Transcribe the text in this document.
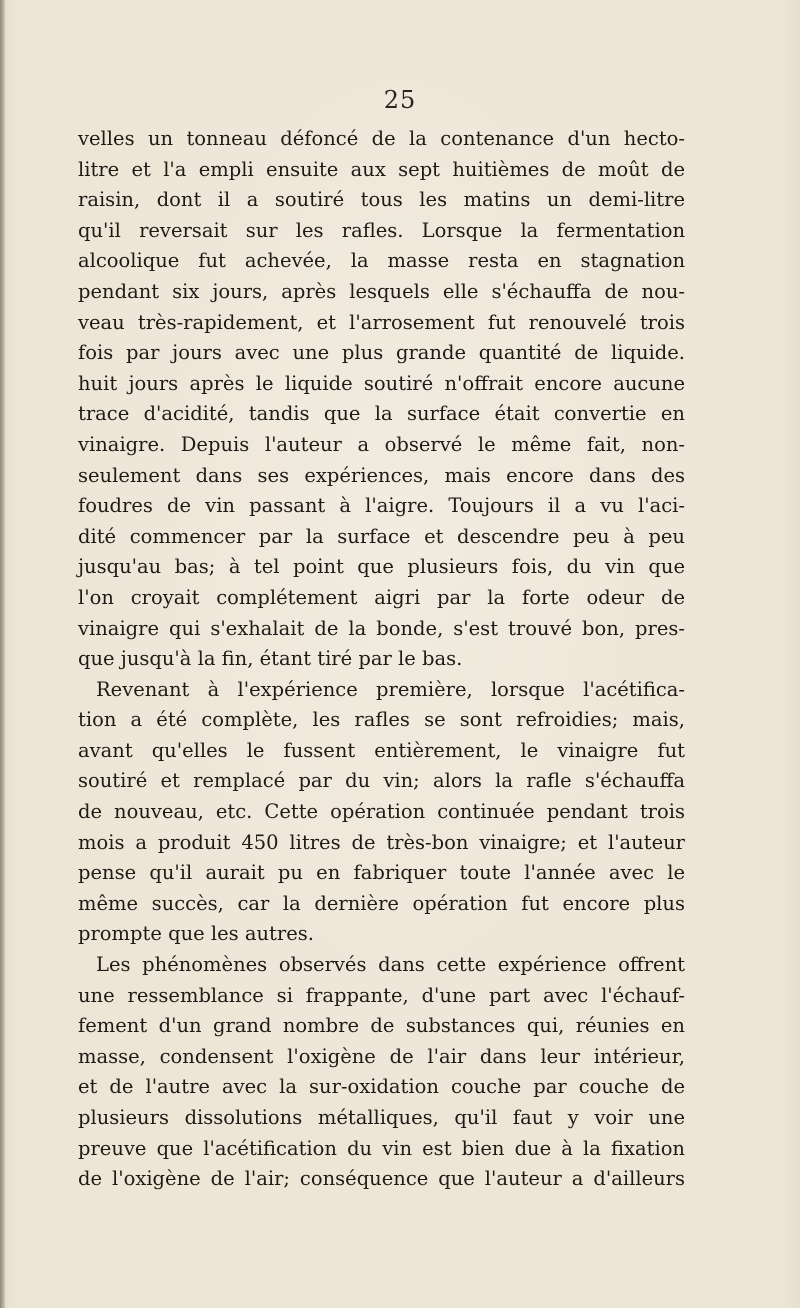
25
velles un tonneau défoncé de la contenance d'un hecto-
litre et l'a empli ensuite aux sept huitièmes de moût de
raisin, dont il a soutiré tous les matins un demi-litre
qu'il reversait sur les rafles. Lorsque la fermentation
alcoolique fut achevée, la masse resta en stagnation
pendant six jours, après lesquels elle s'échauffa de nou-
veau très-rapidement, et l'arrosement fut renouvelé trois
fois par jours avec une plus grande quantité de liquide.
huit jours après le liquide soutiré n'offrait encore aucune
trace d'acidité, tandis que la surface était convertie en
vinaigre. Depuis l'auteur a observé le même fait, non-
seulement dans ses expériences, mais encore dans des
foudres de vin passant à l'aigre. Toujours il a vu l'aci-
dité commencer par la surface et descendre peu à peu
jusqu'au bas; à tel point que plusieurs fois, du vin que
l'on croyait complétement aigri par la forte odeur de
vinaigre qui s'exhalait de la bonde, s'est trouvé bon, pres-
que jusqu'à la fin, étant tiré par le bas.
Revenant à l'expérience première, lorsque l'acétifica-
tion a été complète, les rafles se sont refroidies; mais,
avant qu'elles le fussent entièrement, le vinaigre fut
soutiré et remplacé par du vin; alors la rafle s'échauffa
de nouveau, etc. Cette opération continuée pendant trois
mois a produit 450 litres de très-bon vinaigre; et l'auteur
pense qu'il aurait pu en fabriquer toute l'année avec le
même succès, car la dernière opération fut encore plus
prompte que les autres.
Les phénomènes observés dans cette expérience offrent
une ressemblance si frappante, d'une part avec l'échauf-
fement d'un grand nombre de substances qui, réunies en
masse, condensent l'oxigène de l'air dans leur intérieur,
et de l'autre avec la sur-oxidation couche par couche de
plusieurs dissolutions métalliques, qu'il faut y voir une
preuve que l'acétification du vin est bien due à la fixation
de l'oxigène de l'air; conséquence que l'auteur a d'ailleurs
